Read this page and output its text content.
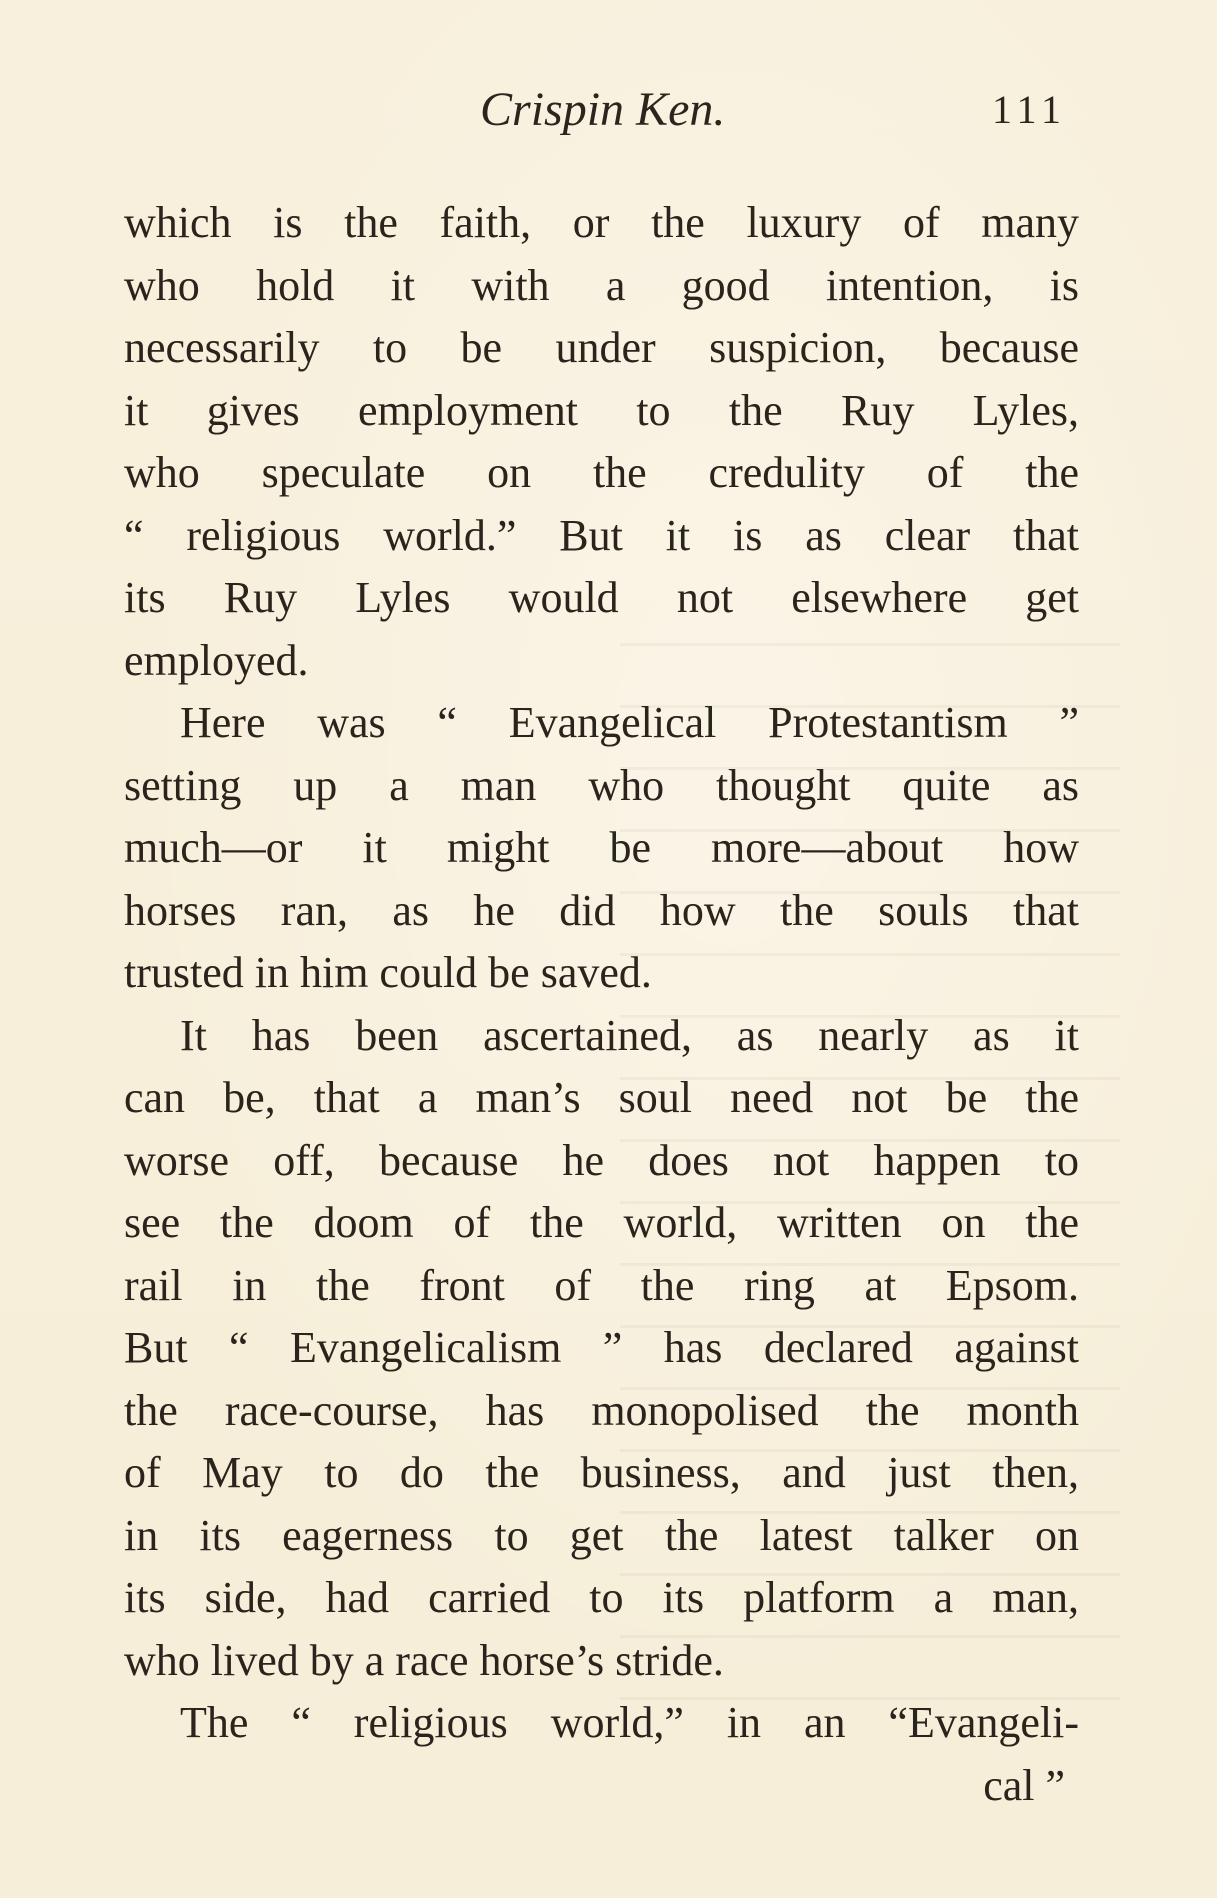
Crispin Ken.	111
which is the faith, or the luxury of many
who hold it with a good intention, is
necessarily to be under suspicion, because
it gives employment to the Ruy Lyles,
who speculate on the credulity of the
“ religious world.” But it is as clear that
its Ruy Lyles would not elsewhere get
employed.
Here was “ Evangelical Protestantism ”
setting up a man who thought quite as
much—or it might be more—about how
horses ran, as he did how the souls that
trusted in him could be saved.
It has been ascertained, as nearly as it
can be, that a man’s soul need not be the
worse off, because he does not happen to
see the doom of the world, written on the
rail in the front of the ring at Epsom.
But “ Evangelicalism ” has declared against
the race-course, has monopolised the month
of May to do the business, and just then,
in its eagerness to get the latest talker on
its side, had carried to its platform a man,
who lived by a race horse’s stride.
The “ religious world,” in an “Evangeli-
cal ”
